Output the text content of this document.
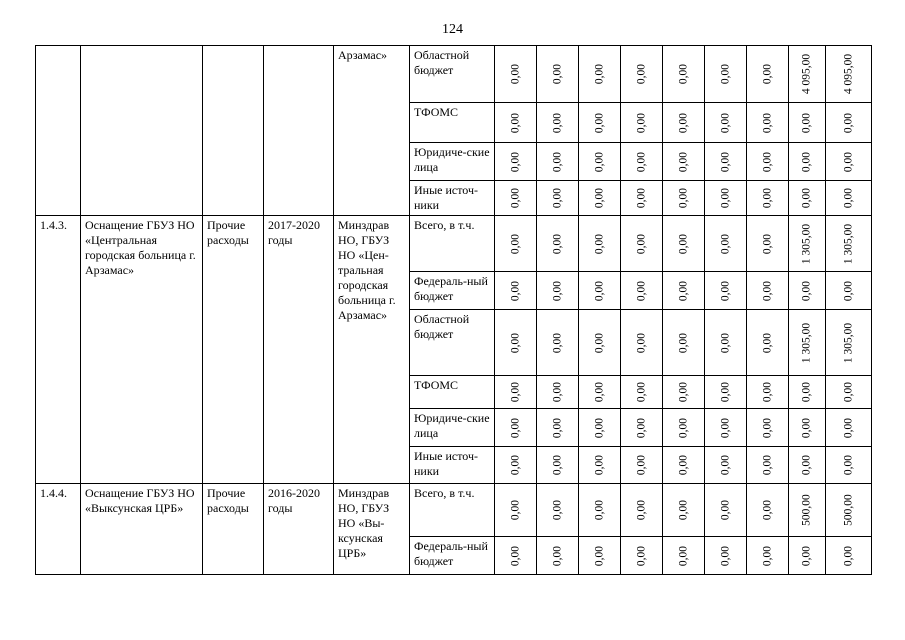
124
				Арзамас»	Областной бюджет	0,00	0,00	0,00	0,00	0,00	0,00	0,00	4 095,00	4 095,00

					ТФОМС	0,00	0,00	0,00	0,00	0,00	0,00	0,00	0,00	0,00

					Юридиче-ские лица	0,00	0,00	0,00	0,00	0,00	0,00	0,00	0,00	0,00

					Иные источ-ники	0,00	0,00	0,00	0,00	0,00	0,00	0,00	0,00	0,00

1.4.3.	Оснащение ГБУЗ НО «Центральная городская больница г. Арзамас»	Прочие расходы	2017-2020 годы	Минздрав НО, ГБУЗ НО «Цен-тральная городская больница г. Арзамас»	Всего, в т.ч.	0,00	0,00	0,00	0,00	0,00	0,00	0,00	1 305,00	1 305,00

					Федераль-ный бюджет	0,00	0,00	0,00	0,00	0,00	0,00	0,00	0,00	0,00

					Областной бюджет	0,00	0,00	0,00	0,00	0,00	0,00	0,00	1 305,00	1 305,00

					ТФОМС	0,00	0,00	0,00	0,00	0,00	0,00	0,00	0,00	0,00

					Юридиче-ские лица	0,00	0,00	0,00	0,00	0,00	0,00	0,00	0,00	0,00

					Иные источ-ники	0,00	0,00	0,00	0,00	0,00	0,00	0,00	0,00	0,00

1.4.4.	Оснащение ГБУЗ НО «Выксунская ЦРБ»	Прочие расходы	2016-2020 годы	Минздрав НО, ГБУЗ НО «Вы-ксунская ЦРБ»	Всего, в т.ч.	0,00	0,00	0,00	0,00	0,00	0,00	0,00	500,00	500,00

					Федераль-ный бюджет	0,00	0,00	0,00	0,00	0,00	0,00	0,00	0,00	0,00
